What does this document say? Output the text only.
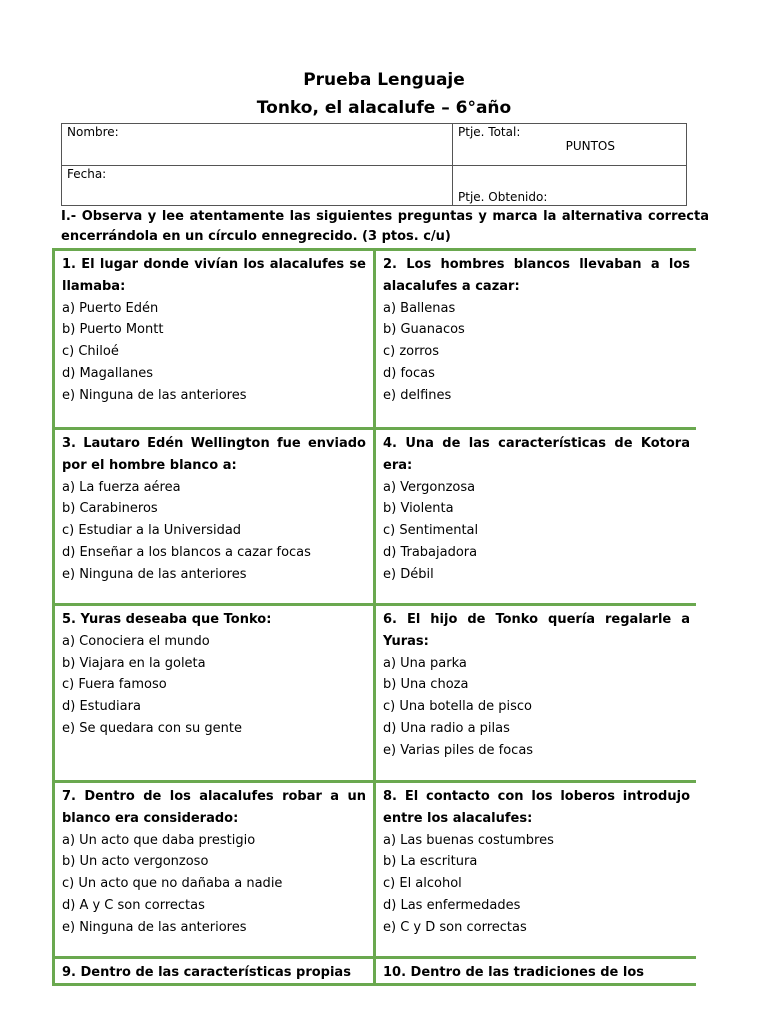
Prueba Lenguaje
Tonko, el alacalufe – 6°año
Nombre:	Ptje. Total:
PUNTOS

Fecha:	Ptje. Obtenido:
I.- Observa y lee atentamente las siguientes preguntas y marca la alternativa correcta encerrándola en un círculo ennegrecido. (3 ptos. c/u)
1. El lugar donde vivían los alacalufes se llamaba:
a) Puerto Edén
b) Puerto Montt
c) Chiloé
d) Magallanes
e) Ninguna de las anteriores
2. Los hombres blancos llevaban a los alacalufes a cazar:
a) Ballenas
b) Guanacos
c) zorros
d) focas
e) delfines
3. Lautaro Edén Wellington fue enviado por el hombre blanco a:
a) La fuerza aérea
b) Carabineros
c) Estudiar a la Universidad
d) Enseñar a los blancos a cazar focas
e) Ninguna de las anteriores
4. Una de las características de Kotora era:
a) Vergonzosa
b) Violenta
c) Sentimental
d) Trabajadora
e) Débil
5. Yuras deseaba que Tonko:
a) Conociera el mundo
b) Viajara en la goleta
c) Fuera famoso
d) Estudiara
e) Se quedara con su gente
6. El hijo de Tonko quería regalarle a Yuras:
a) Una parka
b) Una choza
c) Una botella de pisco
d) Una radio a pilas
e) Varias piles de focas
7. Dentro de los alacalufes robar a un blanco era considerado:
a) Un acto que daba prestigio
b) Un acto vergonzoso
c) Un acto que no dañaba a nadie
d) A y C son correctas
e) Ninguna de las anteriores
8. El contacto con los loberos introdujo entre los alacalufes:
a) Las buenas costumbres
b) La escritura
c) El alcohol
d) Las enfermedades
e) C y D son correctas
9. Dentro de las características propias	10. Dentro de las tradiciones de los
